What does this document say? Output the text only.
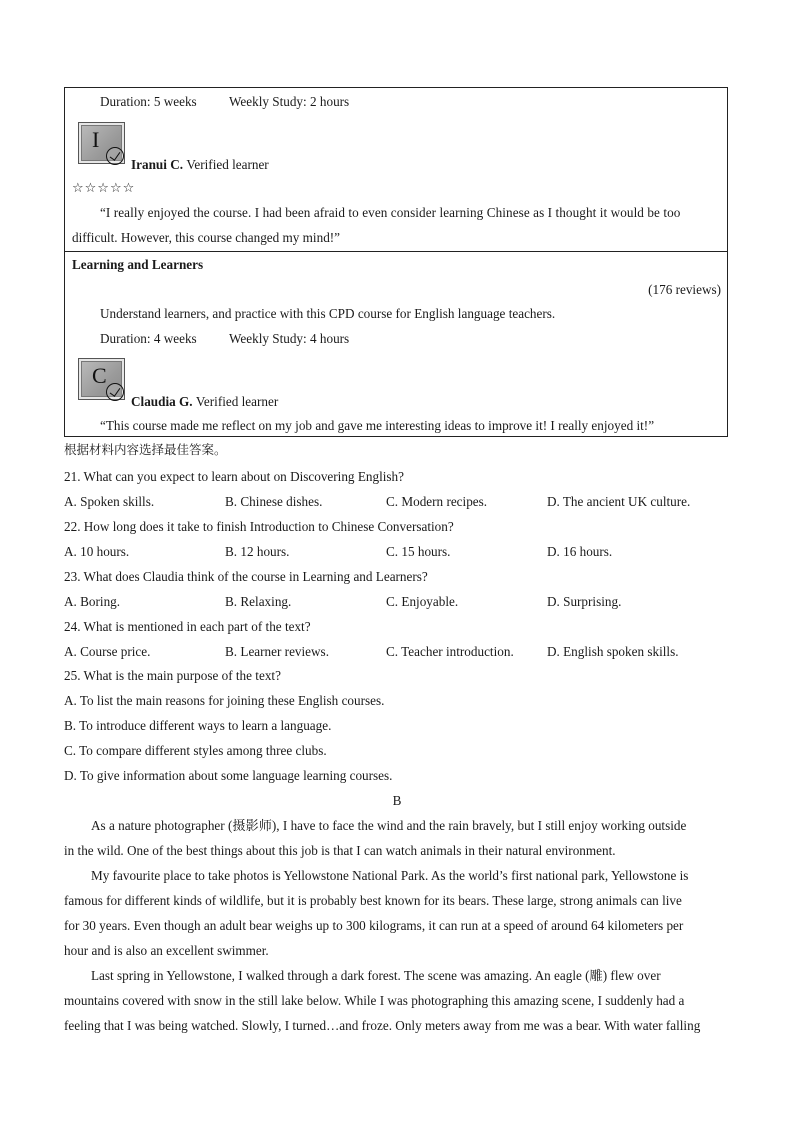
Duration: 5 weeks Weekly Study: 2 hours
I
Iranui C. Verified learner
☆☆☆☆☆
“I really enjoyed the course. I had been afraid to even consider learning Chinese as I thought it would be too
difficult. However, this course changed my mind!”
Learning and Learners
(176 reviews)
Understand learners, and practice with this CPD course for English language teachers.
Duration: 4 weeks Weekly Study: 4 hours
C
Claudia G. Verified learner
“This course made me reflect on my job and gave me interesting ideas to improve it! I really enjoyed it!”
根据材料内容选择最佳答案。
21. What can you expect to learn about on Discovering English?
A. Spoken skills.	B. Chinese dishes.	C. Modern recipes.	D. The ancient UK culture.
22. How long does it take to finish Introduction to Chinese Conversation?
A. 10 hours.	B. 12 hours.	C. 15 hours.	D. 16 hours.
23. What does Claudia think of the course in Learning and Learners?
A. Boring.	B. Relaxing.	C. Enjoyable.	D. Surprising.
24. What is mentioned in each part of the text?
A. Course price.	B. Learner reviews.	C. Teacher introduction.	D. English spoken skills.
25. What is the main purpose of the text?
A. To list the main reasons for joining these English courses.
B. To introduce different ways to learn a language.
C. To compare different styles among three clubs.
D. To give information about some language learning courses.
B
As a nature photographer (摄影师), I have to face the wind and the rain bravely, but I still enjoy working outside
in the wild. One of the best things about this job is that I can watch animals in their natural environment.
My favourite place to take photos is Yellowstone National Park. As the world’s first national park, Yellowstone is
famous for different kinds of wildlife, but it is probably best known for its bears. These large, strong animals can live
for 30 years. Even though an adult bear weighs up to 300 kilograms, it can run at a speed of around 64 kilometers per
hour and is also an excellent swimmer.
Last spring in Yellowstone, I walked through a dark forest. The scene was amazing. An eagle (雕) flew over
mountains covered with snow in the still lake below. While I was photographing this amazing scene, I suddenly had a
feeling that I was being watched. Slowly, I turned…and froze. Only meters away from me was a bear. With water falling
